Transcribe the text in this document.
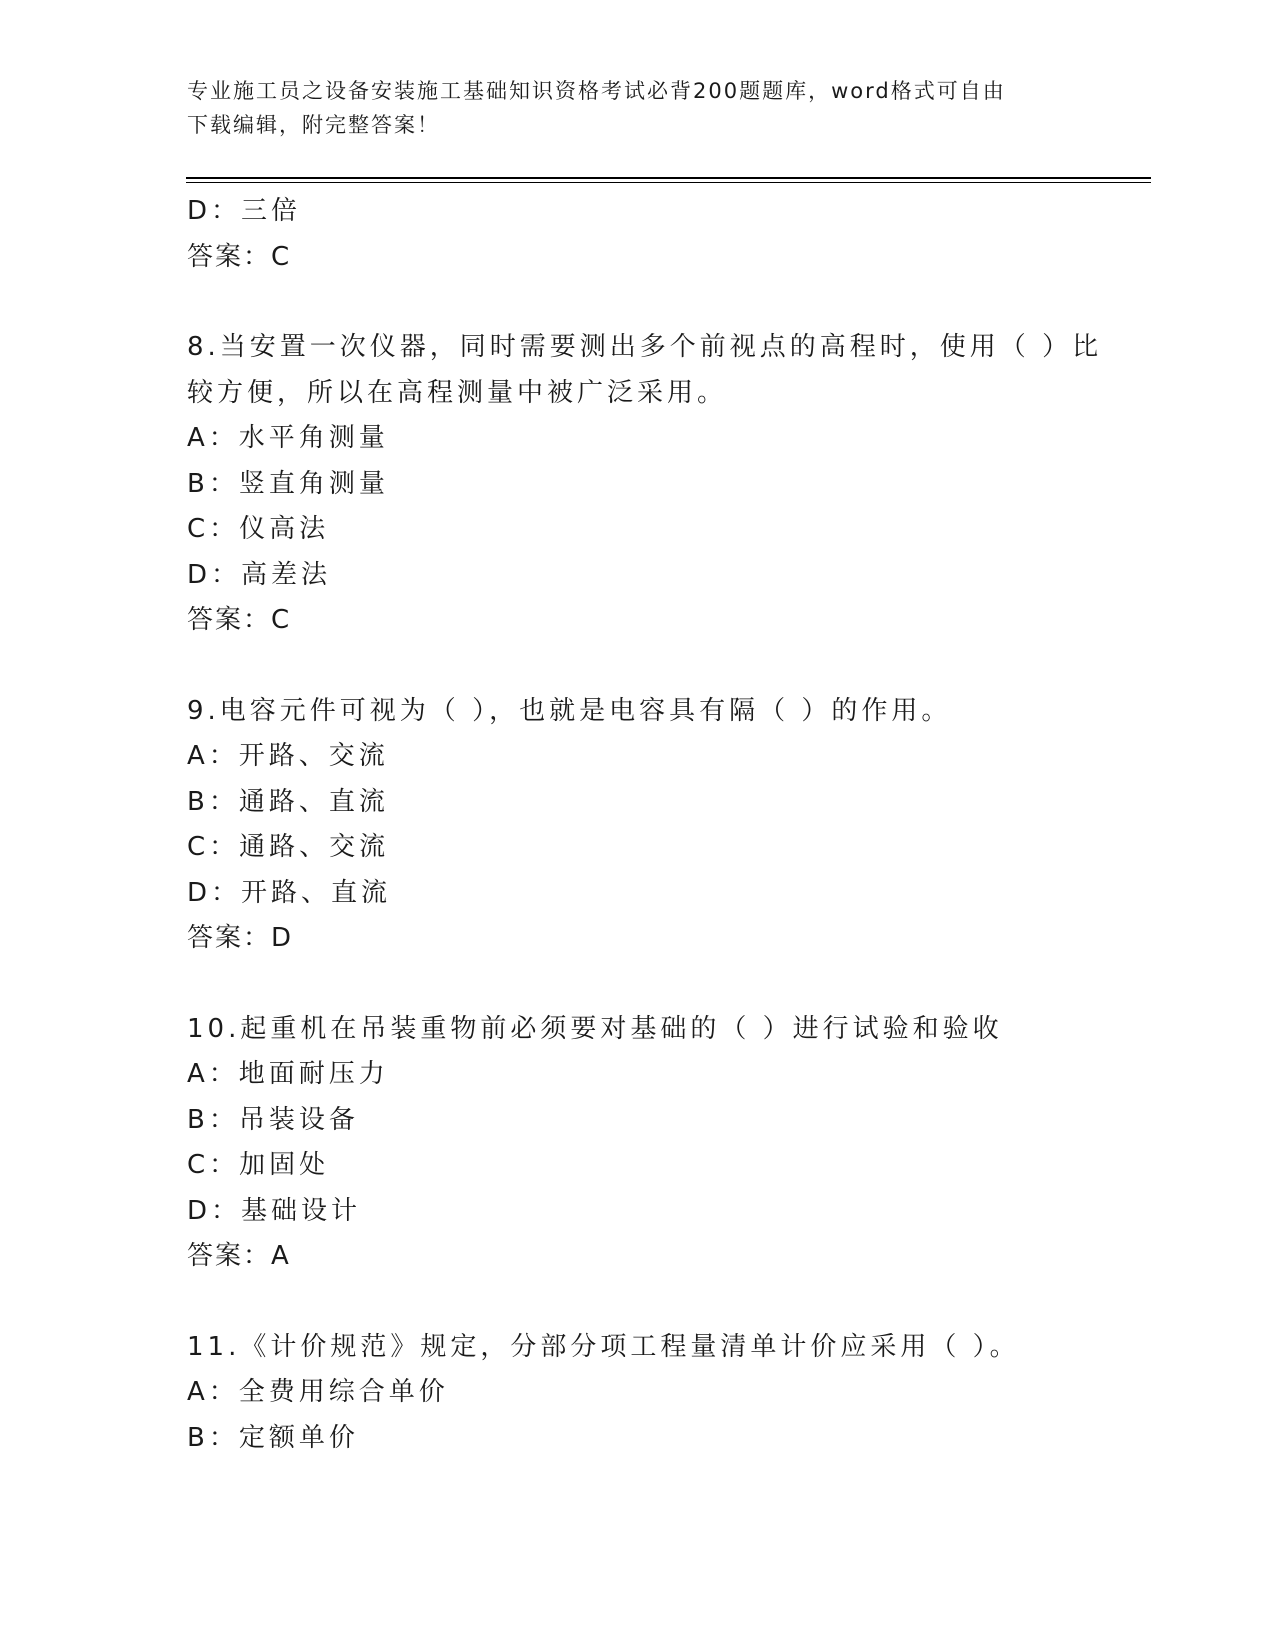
专业施工员之设备安装施工基础知识资格考试必背200题题库，word格式可自由
下载编辑，附完整答案！
D：三倍
答案：C
8.当安置一次仪器，同时需要测出多个前视点的高程时，使用（ ）比
较方便，所以在高程测量中被广泛采用。
A：水平角测量
B：竖直角测量
C：仪高法
D：高差法
答案：C
9.电容元件可视为（ ），也就是电容具有隔（ ）的作用。
A：开路、交流
B：通路、直流
C：通路、交流
D：开路、直流
答案：D
10.起重机在吊装重物前必须要对基础的（ ）进行试验和验收
A：地面耐压力
B：吊装设备
C：加固处
D：基础设计
答案：A
11.《计价规范》规定，分部分项工程量清单计价应采用（ ）。
A：全费用综合单价
B：定额单价
